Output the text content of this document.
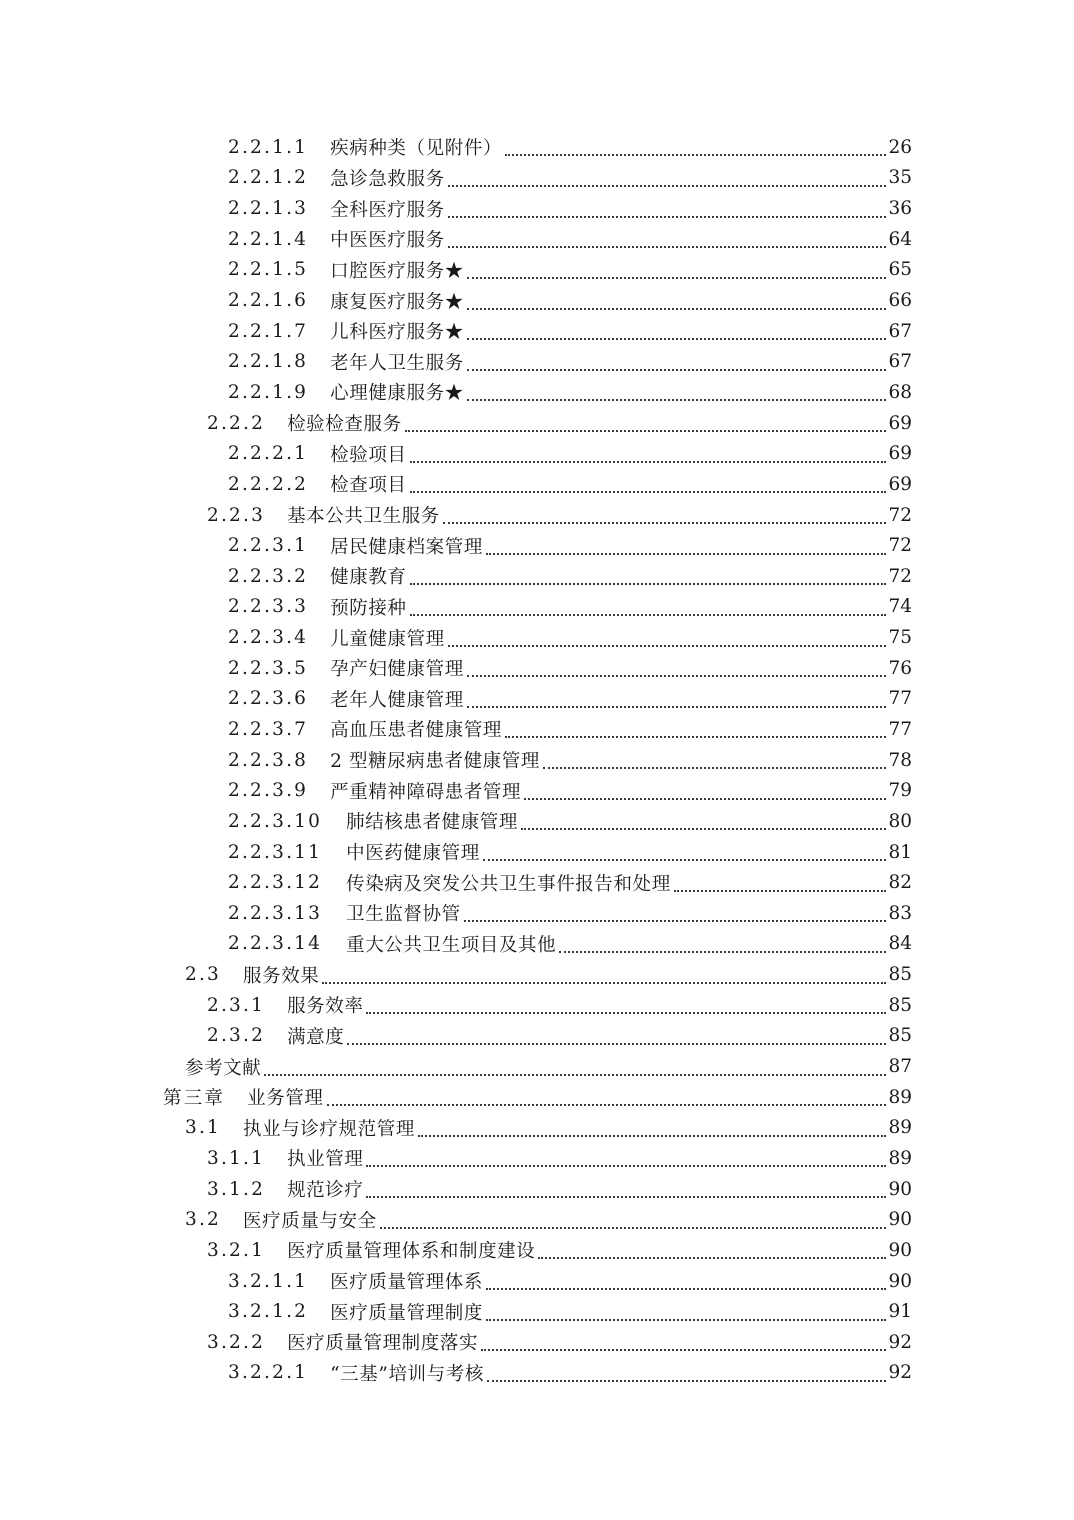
2.2.1.1 疾病种类（见附件）	26
2.2.1.2 急诊急救服务	35
2.2.1.3 全科医疗服务	36
2.2.1.4 中医医疗服务	64
2.2.1.5 口腔医疗服务★	65
2.2.1.6 康复医疗服务★	66
2.2.1.7 儿科医疗服务★	67
2.2.1.8 老年人卫生服务	67
2.2.1.9 心理健康服务★	68
2.2.2 检验检查服务	69
2.2.2.1 检验项目	69
2.2.2.2 检查项目	69
2.2.3 基本公共卫生服务	72
2.2.3.1 居民健康档案管理	72
2.2.3.2 健康教育	72
2.2.3.3 预防接种	74
2.2.3.4 儿童健康管理	75
2.2.3.5 孕产妇健康管理	76
2.2.3.6 老年人健康管理	77
2.2.3.7 高血压患者健康管理	77
2.2.3.8 2 型糖尿病患者健康管理	78
2.2.3.9 严重精神障碍患者管理	79
2.2.3.10 肺结核患者健康管理	80
2.2.3.11 中医药健康管理	81
2.2.3.12 传染病及突发公共卫生事件报告和处理	82
2.2.3.13 卫生监督协管	83
2.2.3.14 重大公共卫生项目及其他	84
2.3 服务效果	85
2.3.1 服务效率	85
2.3.2 满意度	85
参考文献	87
第三章 业务管理	89
3.1 执业与诊疗规范管理	89
3.1.1 执业管理	89
3.1.2 规范诊疗	90
3.2 医疗质量与安全	90
3.2.1 医疗质量管理体系和制度建设	90
3.2.1.1 医疗质量管理体系	90
3.2.1.2 医疗质量管理制度	91
3.2.2 医疗质量管理制度落实	92
3.2.2.1 “三基”培训与考核	92
